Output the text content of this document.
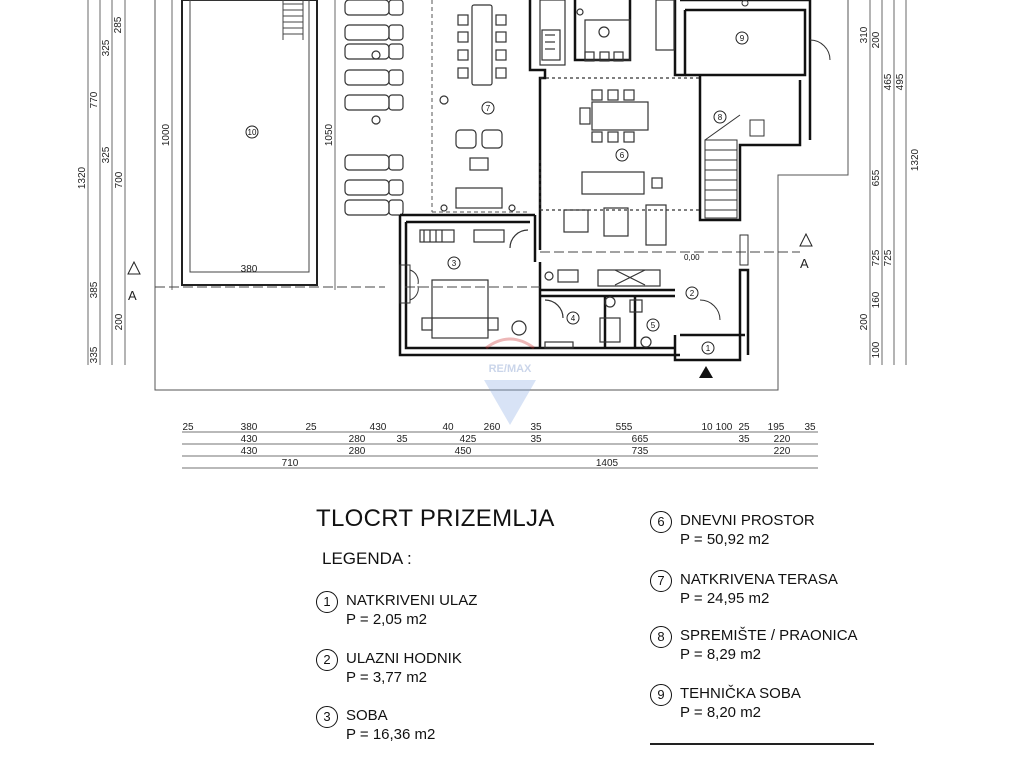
10
380
7
A
A
6
9
8
3
4
5
2
1
0,00
RE/MAX
1320
385
200
1000
770
325
285
325
700
1050
335
310 200
465 495
655
725 725
1320
160
200
100
25	380	25	430	40	260	35	555	10 100 25 195 35
430	280	35	425	35	665	35 220
430	280	450	735	220
710	1405
TLOCRT PRIZEMLJA
LEGENDA :
1	NATKRIVENI ULAZ
P = 2,05 m2
2	ULAZNI HODNIK
P = 3,77 m2
3	SOBA
P = 16,36 m2
6	DNEVNI PROSTOR
P = 50,92 m2
7	NATKRIVENA TERASA
P = 24,95 m2
8	SPREMIŠTE / PRAONICA
P = 8,29 m2
9	TEHNIČKA SOBA
P = 8,20 m2
